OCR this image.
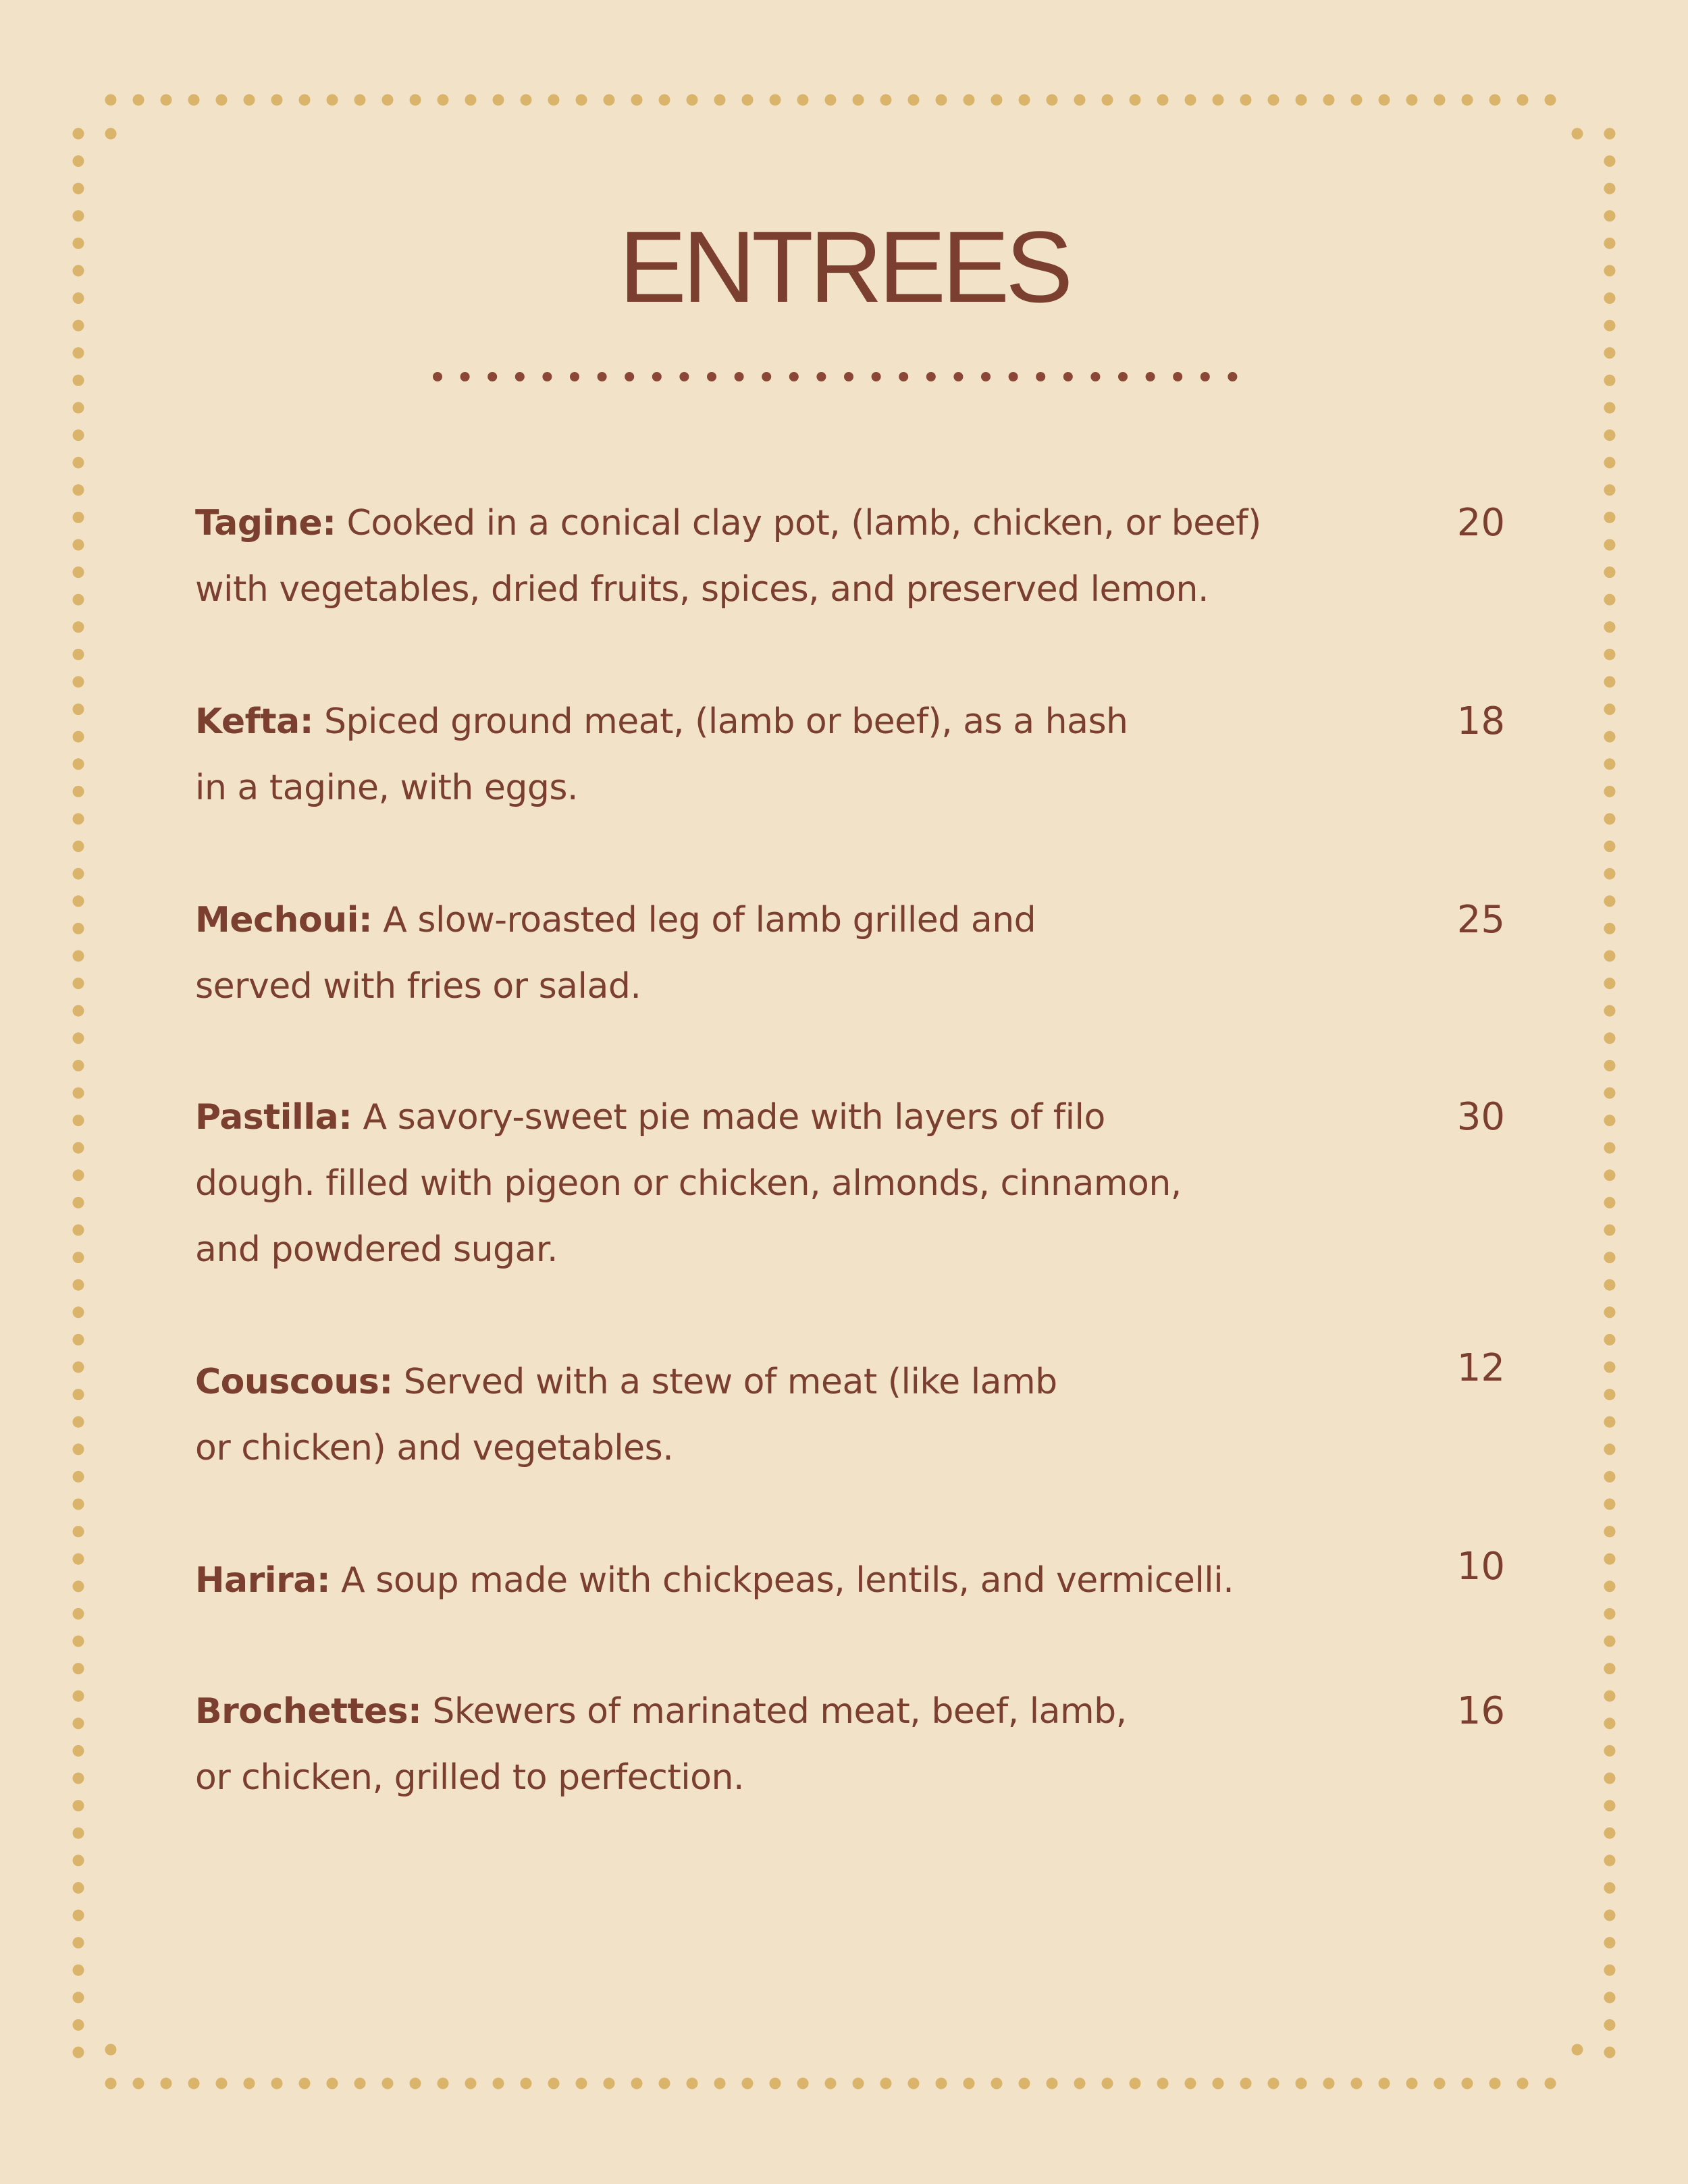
ENTREES
Tagine: Cooked in a conical clay pot, (lamb, chicken, or beef)
with vegetables, dried fruits, spices, and preserved lemon.
20
Kefta: Spiced ground meat, (lamb or beef), as a hash
in a tagine, with eggs.
18
Mechoui: A slow-roasted leg of lamb grilled and
served with fries or salad.
25
Pastilla: A savory-sweet pie made with layers of filo
dough. filled with pigeon or chicken, almonds, cinnamon,
and powdered sugar.
30
Couscous: Served with a stew of meat (like lamb
or chicken) and vegetables.
12
Harira: A soup made with chickpeas, lentils, and vermicelli.	10
Brochettes: Skewers of marinated meat, beef, lamb,
or chicken, grilled to perfection.
16
